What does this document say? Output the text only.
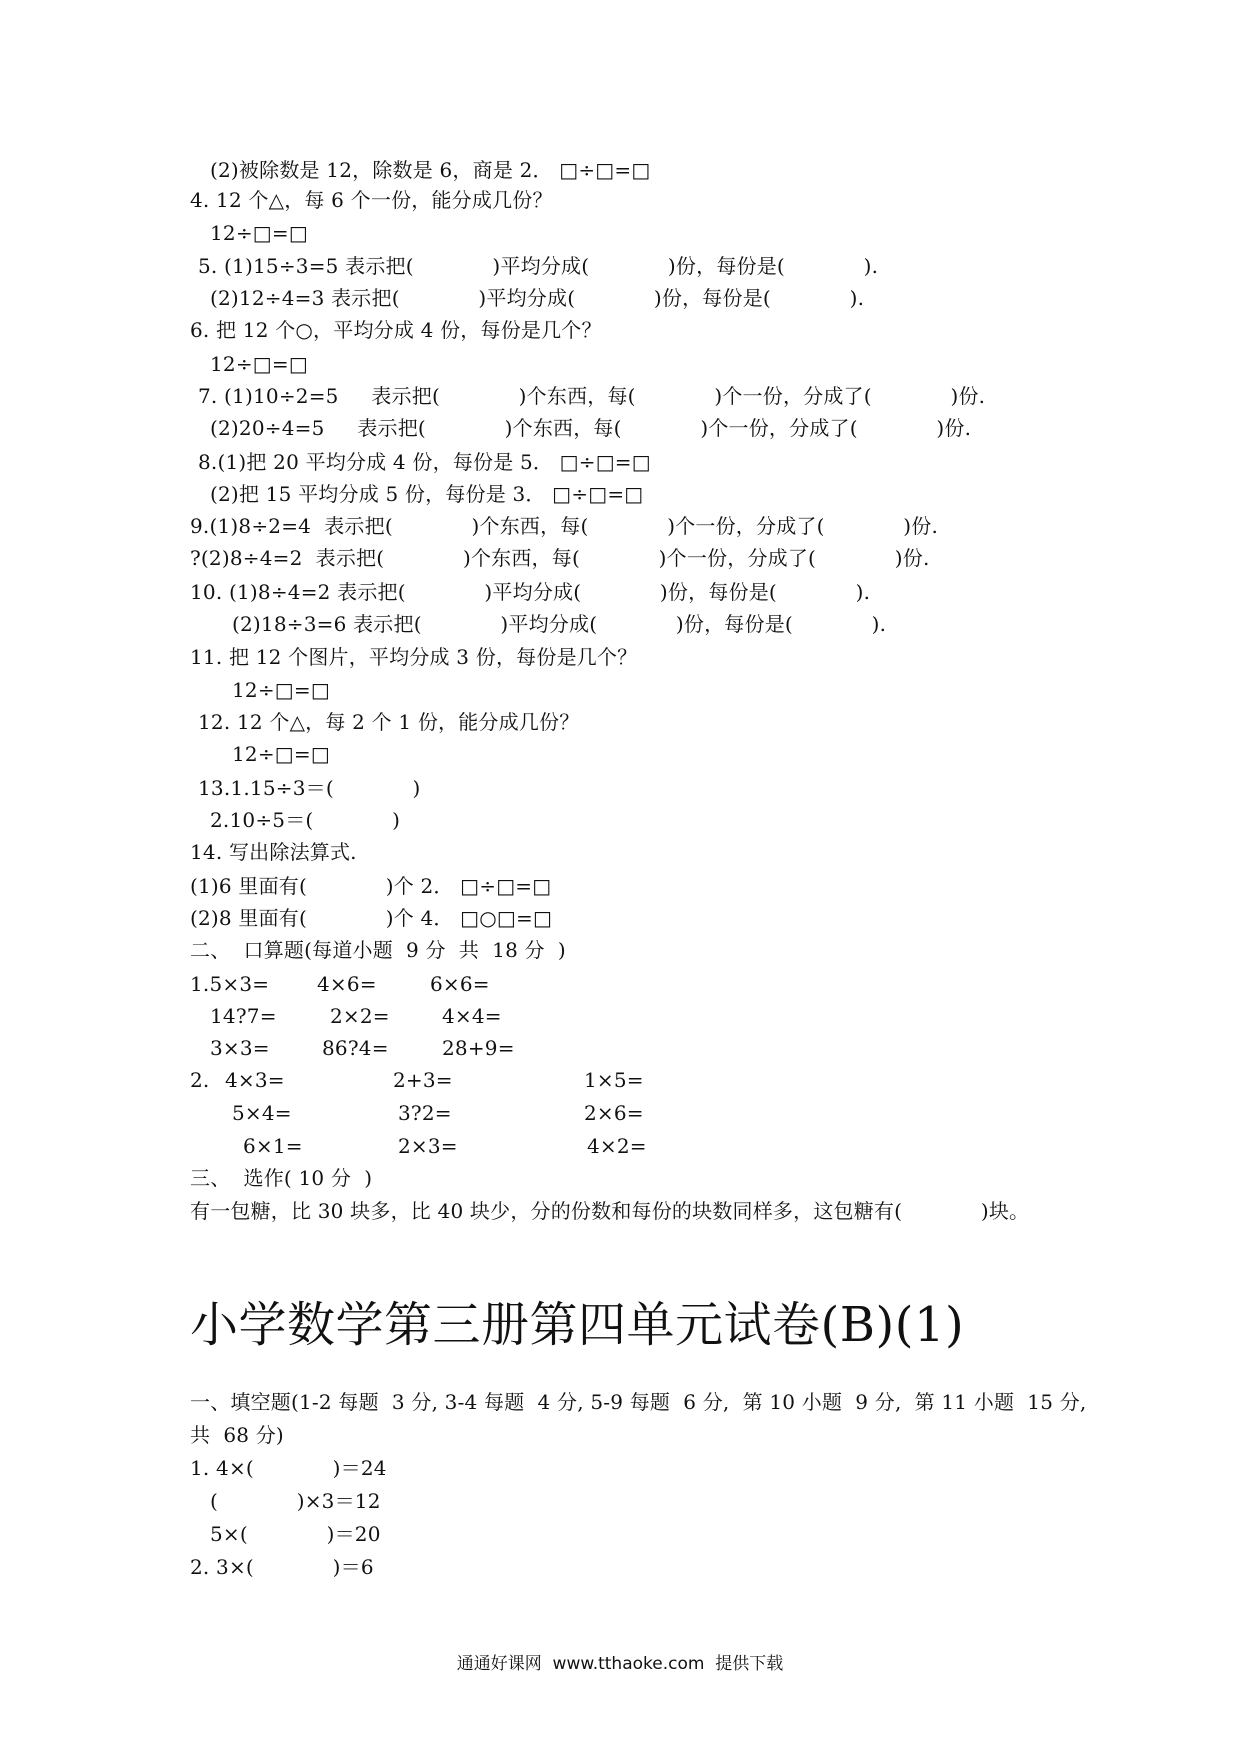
(2)被除数是 12，除数是 6，商是 2． □÷□=□
4. 12 个△，每 6 个一份，能分成几份？
12÷□=□
5. (1)15÷3=5 表示把(            )平均分成(            )份，每份是(            ).
(2)12÷4=3 表示把(            )平均分成(            )份，每份是(            ).
6. 把 12 个○，平均分成 4 份，每份是几个？
12÷□=□
7. (1)10÷2=5     表示把(            )个东西，每(            )个一份，分成了(            )份.
(2)20÷4=5     表示把(            )个东西，每(            )个一份，分成了(            )份.
8.(1)把 20 平均分成 4 份，每份是 5． □÷□=□
(2)把 15 平均分成 5 份，每份是 3． □÷□=□
9.(1)8÷2=4  表示把(            )个东西，每(            )个一份，分成了(            )份.
?(2)8÷4=2  表示把(            )个东西，每(            )个一份，分成了(            )份.
10. (1)8÷4=2 表示把(            )平均分成(            )份，每份是(            ).
(2)18÷3=6 表示把(            )平均分成(            )份，每份是(            ).
11. 把 12 个图片，平均分成 3 份，每份是几个？
12÷□=□
12. 12 个△，每 2 个 1 份，能分成几份？
12÷□=□
13.1.15÷3＝(            )
2.10÷5＝(            )
14. 写出除法算式.
(1)6 里面有(            )个 2． □÷□=□
(2)8 里面有(            )个 4． □○□=□
二、  口算题(每道小题  9 分  共  18 分  )
1.5×3= 4×6=	6×6=
14?7=	2×2=	4×4=
3×3=	86?4=	28+9=
2. 4×3=	2+3=	1×5=
5×4=	3?2=	2×6=
6×1=	2×3=	4×2=
三、  选作( 10 分  )
有一包糖，比 30 块多，比 40 块少，分的份数和每份的块数同样多，这包糖有(            )块。
小学数学第三册第四单元试卷(B)(1)
一、填空题(1-2 每题  3 分, 3-4 每题  4 分, 5-9 每题  6 分,  第 10 小题  9 分,  第 11 小题  15 分,
共  68 分)
1. 4×(            )＝24
(            )×3＝12
5×(            )＝20
2. 3×(            )＝6
通通好课网  www.tthaoke.com  提供下载
